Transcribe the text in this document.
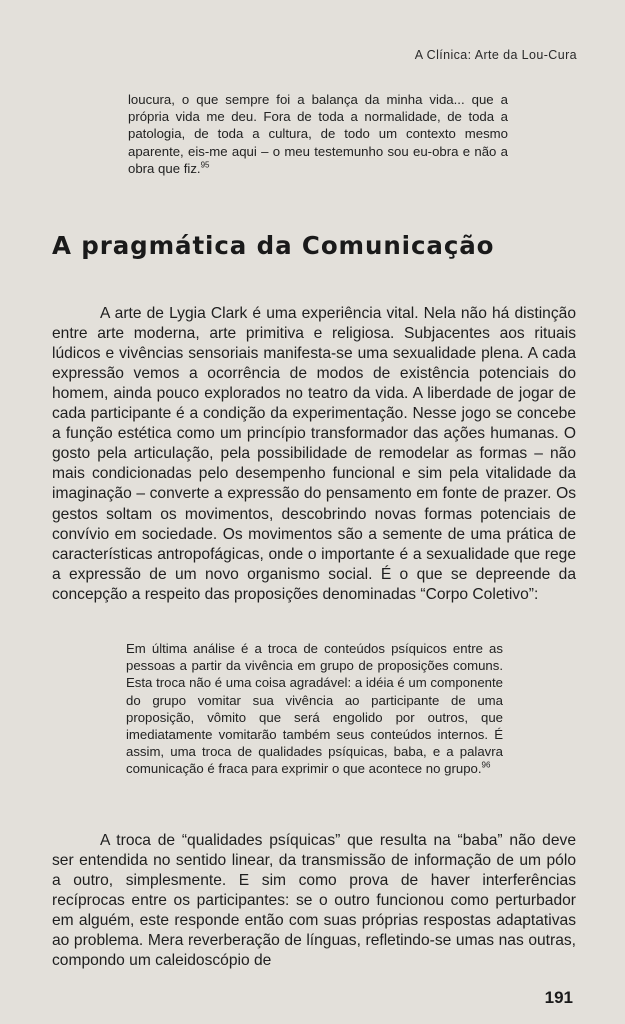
A Clínica: Arte da Lou-Cura
loucura, o que sempre foi a balança da minha vida... que a própria vida me deu. Fora de toda a normalidade, de toda a patologia, de toda a cultura, de todo um contexto mesmo aparente, eis-me aqui – o meu testemunho sou eu-obra e não a obra que fiz.$^{95}$
A pragmática da Comunicação

A arte de Lygia Clark é uma experiência vital. Nela não há distinção entre arte moderna, arte primitiva e religiosa. Subjacentes aos rituais lúdicos e vivências sensoriais manifesta-se uma sexualidade plena. A cada expressão vemos a ocorrência de modos de existência potenciais do homem, ainda pouco explorados no teatro da vida. A liberdade de jogar de cada participante é a condição da experimentação. Nesse jogo se concebe a função estética como um princípio transformador das ações humanas. O gosto pela articulação, pela possibilidade de remodelar as formas – não mais condicionadas pelo desempenho funcional e sim pela vitalidade da imaginação – converte a expressão do pensamento em fonte de prazer. Os gestos soltam os movimentos, descobrindo novas formas potenciais de convívio em sociedade. Os movimentos são a semente de uma prática de características antropofágicas, onde o importante é a sexualidade que rege a expressão de um novo organismo social. É o que se depreende da concepção a respeito das proposições denominadas “Corpo Coletivo”:

Em última análise é a troca de conteúdos psíquicos entre as pessoas a partir da vivência em grupo de proposições comuns. Esta troca não é uma coisa agradável: a idéia é um componente do grupo vomitar sua vivência ao participante de uma proposição, vômito que será engolido por outros, que imediatamente vomitarão também seus conteúdos internos. É assim, uma troca de qualidades psíquicas, baba, e a palavra comunicação é fraca para exprimir o que acontece no grupo.$^{96}$

A troca de “qualidades psíquicas” que resulta na “baba” não deve ser entendida no sentido linear, da transmissão de informação de um pólo a outro, simplesmente. E sim como prova de haver interferências recíprocas entre os participantes: se o outro funcionou como perturbador em alguém, este responde então com suas próprias respostas adaptativas ao problema. Mera reverberação de línguas, refletindo-se umas nas outras, compondo um caleidoscópio de

191
